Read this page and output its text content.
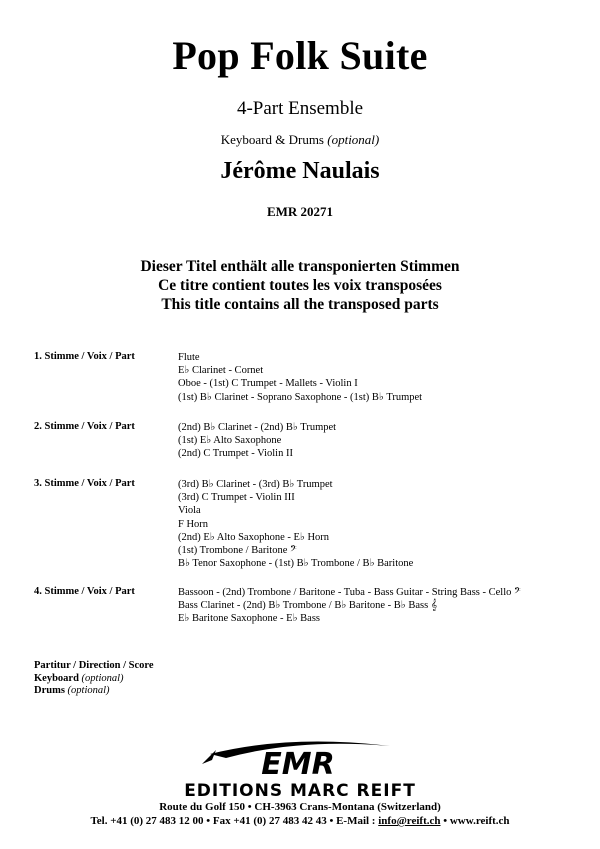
Pop Folk Suite
4-Part Ensemble
Keyboard & Drums (optional)
Jérôme Naulais
EMR 20271
Dieser Titel enthält alle transponierten Stimmen
Ce titre contient toutes les voix transposées
This title contains all the transposed parts
1. Stimme / Voix / Part	Flute
E♭ Clarinet - Cornet
Oboe - (1st) C Trumpet - Mallets - Violin I
(1st) B♭ Clarinet - Soprano Saxophone - (1st) B♭ Trumpet
2. Stimme / Voix / Part	(2nd) B♭ Clarinet - (2nd) B♭ Trumpet
(1st) E♭ Alto Saxophone
(2nd) C Trumpet - Violin II
3. Stimme / Voix / Part	(3rd) B♭ Clarinet - (3rd) B♭ Trumpet
(3rd) C Trumpet - Violin III
Viola
F Horn
(2nd) E♭ Alto Saxophone - E♭ Horn
(1st) Trombone / Baritone 𝄢
B♭ Tenor Saxophone - (1st) B♭ Trombone / B♭ Baritone
4. Stimme / Voix / Part	Bassoon - (2nd) Trombone / Baritone - Tuba - Bass Guitar - String Bass - Cello 𝄢
Bass Clarinet - (2nd) B♭ Trombone / B♭ Baritone - B♭ Bass 𝄞
E♭ Baritone Saxophone - E♭ Bass
Partitur / Direction / Score
Keyboard (optional)
Drums (optional)
EMR
EDITIONS MARC REIFT
Route du Golf 150 • CH-3963 Crans-Montana (Switzerland)
Tel. +41 (0) 27 483 12 00 • Fax +41 (0) 27 483 42 43 • E-Mail : info@reift.ch • www.reift.ch
